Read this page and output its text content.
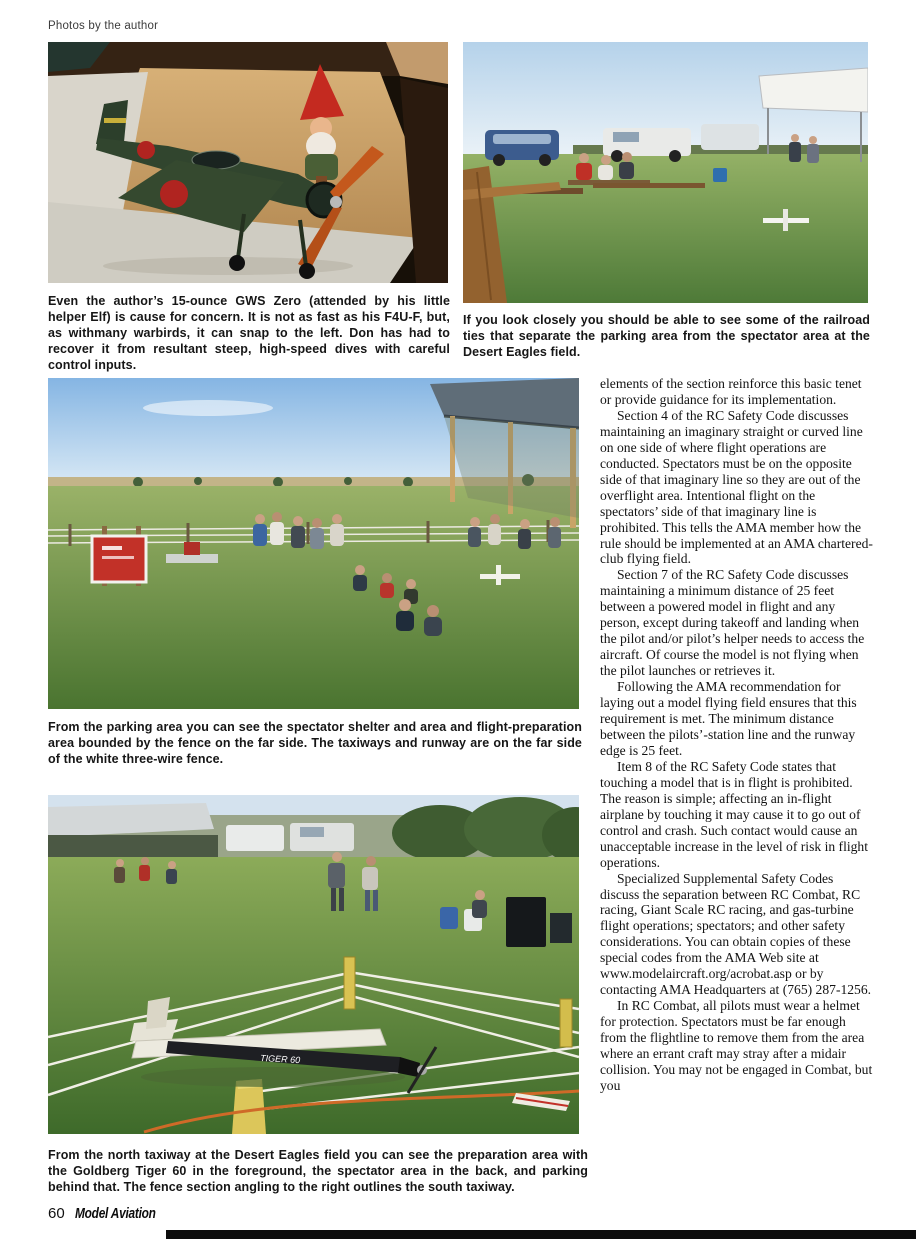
Photos by the author
Even the author’s 15-ounce GWS Zero (attended by his little helper Elf) is cause for concern. It is not as fast as his F4U-F, but, as withmany warbirds, it can snap to the left. Don has had to recover it from resultant steep, high-speed dives with careful control inputs.
If you look closely you should be able to see some of the railroad ties that separate the parking area from the spectator area at the Desert Eagles field.
From the parking area you can see the spectator shelter and area and flight-preparation area bounded by the fence on the far side. The taxiways and runway are on the far side of the white three-wire fence.
TIGER 60
From the north taxiway at the Desert Eagles field you can see the preparation area with the Goldberg Tiger 60 in the foreground, the spectator area in the back, and parking behind that. The fence section angling to the right outlines the south taxiway.

elements of the section reinforce this basic tenet or provide guidance for its implementation.

Section 4 of the RC Safety Code discusses maintaining an imaginary straight or curved line on one side of where flight operations are conducted. Spectators must be on the opposite side of that imaginary line so they are out of the overflight area. Intentional flight on the spectators’ side of that imaginary line is prohibited. This tells the AMA member how the rule should be implemented at an AMA chartered-club flying field.

Section 7 of the RC Safety Code discusses maintaining a minimum distance of 25 feet between a powered model in flight and any person, except during takeoff and landing when the pilot and/or pilot’s helper needs to access the aircraft. Of course the model is not flying when the pilot launches or retrieves it.

Following the AMA recommendation for laying out a model flying field ensures that this requirement is met. The minimum distance between the pilots’-station line and the runway edge is 25 feet.

Item 8 of the RC Safety Code states that touching a model that is in flight is prohibited. The reason is simple; affecting an in-flight airplane by touching it may cause it to go out of control and crash. Such contact would cause an unacceptable increase in the level of risk in flight operations.

Specialized Supplemental Safety Codes discuss the separation between RC Combat, RC racing, Giant Scale RC racing, and gas-turbine flight operations; spectators; and other safety considerations. You can obtain copies of these special codes from the AMA Web site at www.modelaircraft.org/acrobat.asp or by contacting AMA Headquarters at (765) 287-1256.

In RC Combat, all pilots must wear a helmet for protection. Spectators must be far enough from the flightline to remove them from the area where an errant craft may stray after a midair collision. You may not be engaged in Combat, but you

60 Model Aviation
